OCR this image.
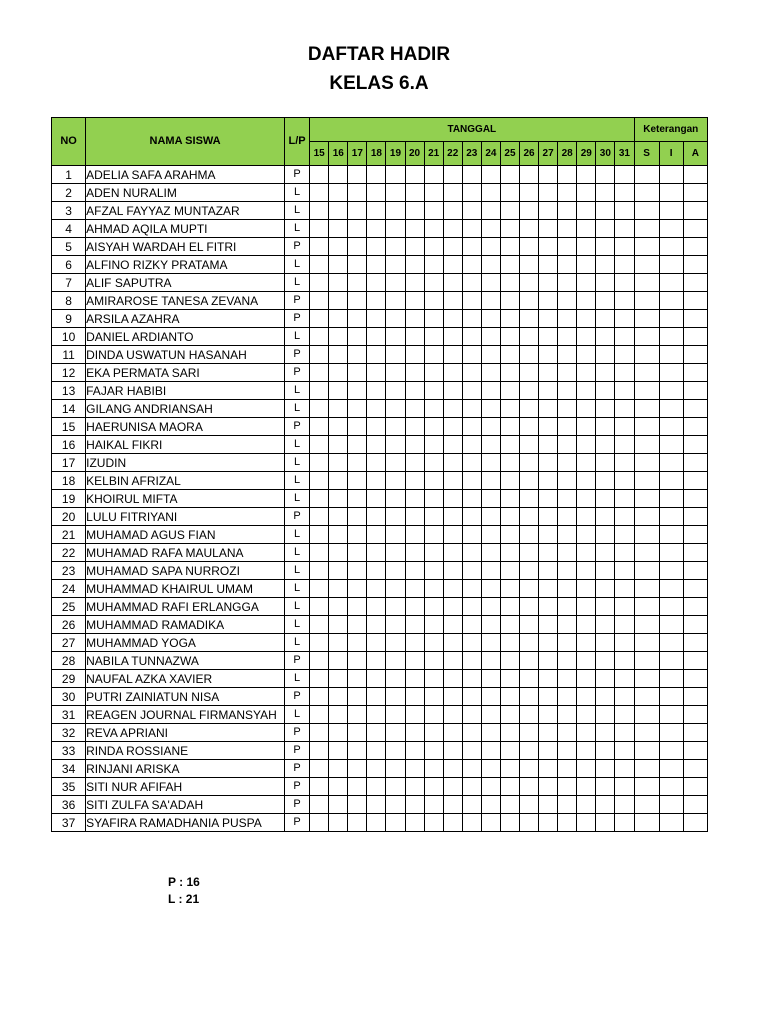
DAFTAR HADIR
KELAS 6.A
NO	NAMA SISWA	L/P	TANGGAL																	Keterangan		
			15	16	17	18	19	20	21	22	23	24	25	26	27	28	29	30	31	S	I	A
1	ADELIA SAFA ARAHMA	P																				
2	ADEN NURALIM	L																				
3	AFZAL FAYYAZ MUNTAZAR	L																				
4	AHMAD AQILA MUPTI	L																				
5	AISYAH WARDAH EL FITRI	P																				
6	ALFINO RIZKY PRATAMA	L																				
7	ALIF SAPUTRA	L																				
8	AMIRAROSE TANESA ZEVANA	P																				
9	ARSILA AZAHRA	P																				
10	DANIEL ARDIANTO	L																				
11	DINDA USWATUN HASANAH	P																				
12	EKA PERMATA SARI	P																				
13	FAJAR HABIBI	L																				
14	GILANG ANDRIANSAH	L																				
15	HAERUNISA MAORA	P																				
16	HAIKAL FIKRI	L																				
17	IZUDIN	L																				
18	KELBIN AFRIZAL	L																				
19	KHOIRUL MIFTA	L																				
20	LULU FITRIYANI	P																				
21	MUHAMAD AGUS FIAN	L																				
22	MUHAMAD RAFA MAULANA	L																				
23	MUHAMAD SAPA NURROZI	L																				
24	MUHAMMAD KHAIRUL UMAM	L																				
25	MUHAMMAD RAFI ERLANGGA	L																				
26	MUHAMMAD RAMADIKA	L																				
27	MUHAMMAD YOGA	L																				
28	NABILA TUNNAZWA	P																				
29	NAUFAL AZKA XAVIER	L																				
30	PUTRI ZAINIATUN NISA	P																				
31	REAGEN JOURNAL FIRMANSYAH	L																				
32	REVA APRIANI	P																				
33	RINDA ROSSIANE	P																				
34	RINJANI ARISKA	P																				
35	SITI NUR AFIFAH	P																				
36	SITI ZULFA SA'ADAH	P																				
37	SYAFIRA RAMADHANIA PUSPA	P																				
P : 16
L : 21
